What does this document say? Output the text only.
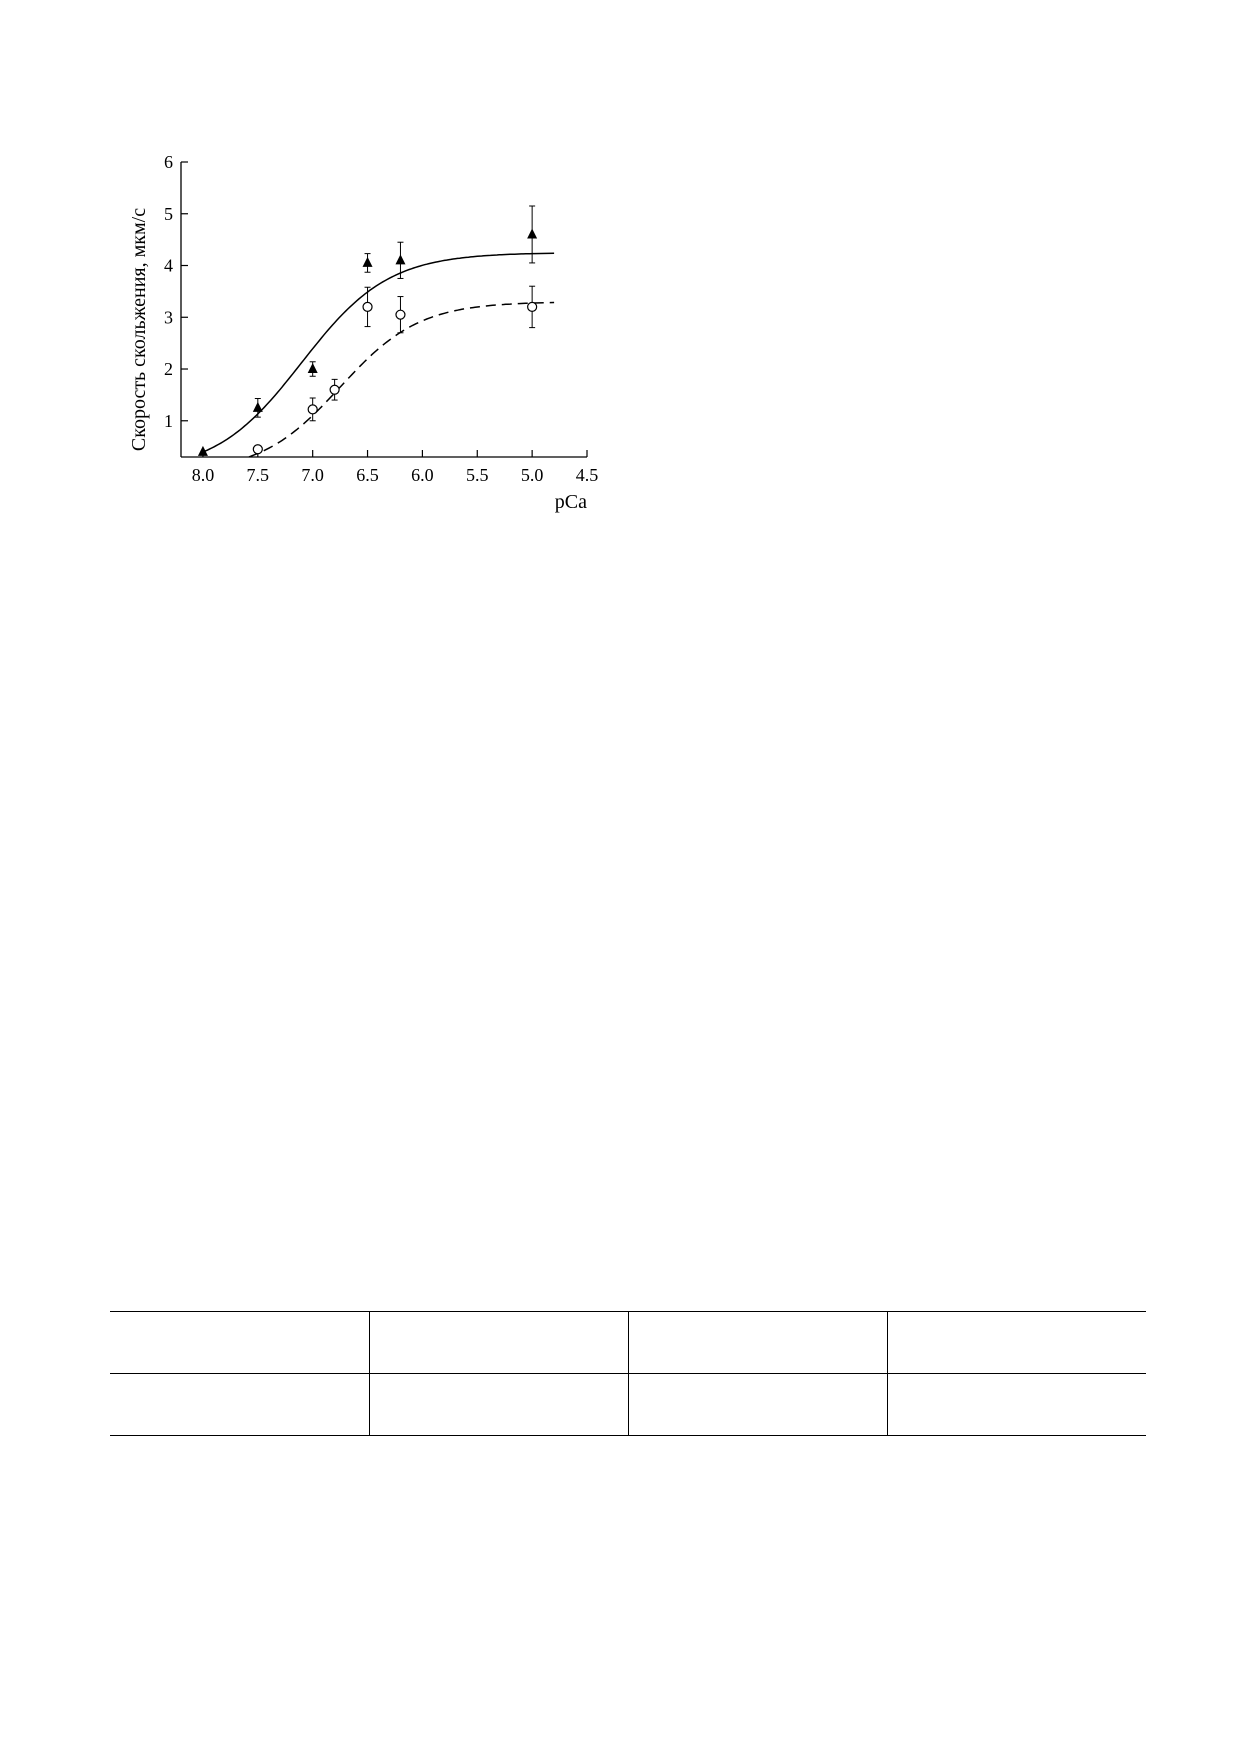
1
2
3
4
5
6
8.0 7.5 7.0 6.5 6.0 5.5 5.0 4.5
Скорость скольжения, мкм/с
pCa
